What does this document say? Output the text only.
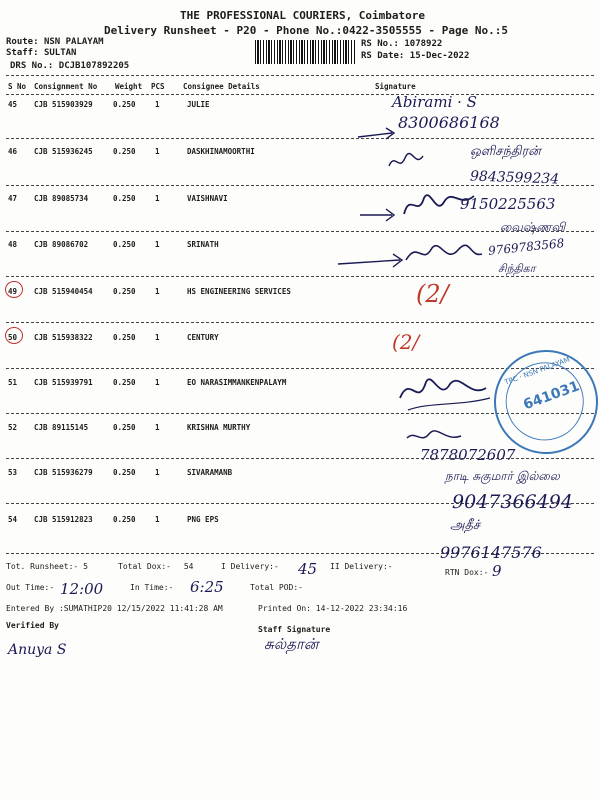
THE PROFESSIONAL COURIERS, Coimbatore
Delivery Runsheet - P20 - Phone No.:0422-3505555 - Page No.:5
Route: NSN PALAYAM
Staff: SULTAN
DRS No.: DCJB107892205
RS No.: 1078922
RS Date: 15-Dec-2022
S No Consignment No Weight PCS Consignee Details	Signature
45 CJB 515903929	0.250	1	JULIE
46 CJB 515936245	0.250	1	DASKHINAMOORTHI
47 CJB 89085734	0.250	1	VAISHNAVI
48 CJB 89086702	0.250	1	SRINATH
49 CJB 515940454	0.250	1	HS ENGINEERING SERVICES
50 CJB 515938322	0.250	1	CENTURY
51 CJB 515939791	0.250	1	EO NARASIMMANKENPALAYM
52 CJB 89115145	0.250	1	KRISHNA MURTHY
53 CJB 515936279	0.250	1	SIVARAMANB
54 CJB 515912823	0.250	1	PNG EPS
Abirami · S
8300686168
ஒளிசந்திரன்
9843599234
9150225563
வைஷ்ணவி
9769783568
சிந்திகா
(2/
(2/
TPC · NSN PALAYAM
641031
7878072607
நாடி சுகுமார் இல்லை
9047366494
அதீச்
9976147576
Tot. Runsheet:- 5	Total Dox:- 54	I Delivery:- 45 II Delivery:-
RTN Dox:- 9
Out Time:- 12:00	In Time:- 6:25	Total POD:-
Entered By :SUMATHIP20 12/15/2022 11:41:28 AM	Printed On: 14-12-2022 23:34:16
Verified By	Staff Signature
Anuya S	சுல்தான்
